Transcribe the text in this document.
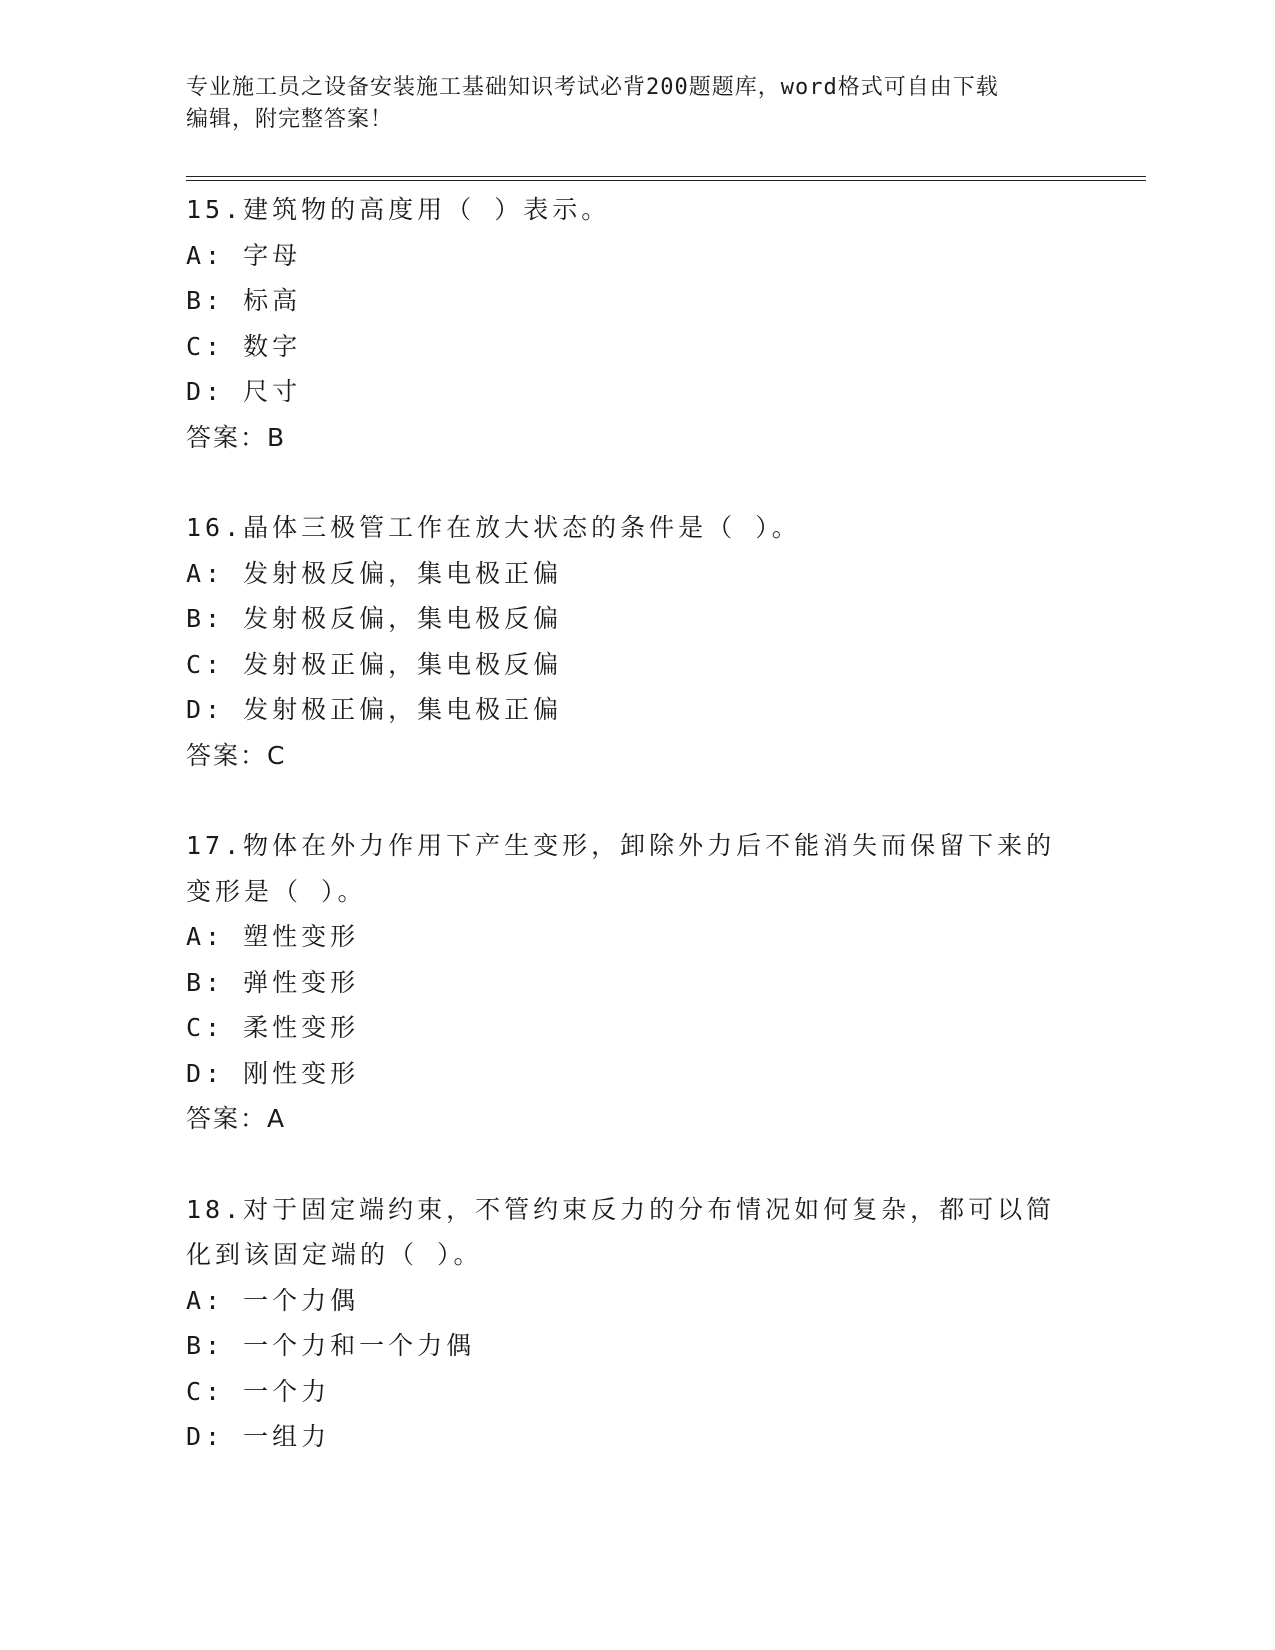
专业施工员之设备安装施工基础知识考试必背200题题库，word格式可自由下载
编辑，附完整答案！
15.建筑物的高度用（ ）表示。
A: 字母
B: 标高
C: 数字
D: 尺寸
答案：B
16.晶体三极管工作在放大状态的条件是（ ）。
A: 发射极反偏，集电极正偏
B: 发射极反偏，集电极反偏
C: 发射极正偏，集电极反偏
D: 发射极正偏，集电极正偏
答案：C
17.物体在外力作用下产生变形，卸除外力后不能消失而保留下来的变形是（ ）。
A: 塑性变形
B: 弹性变形
C: 柔性变形
D: 刚性变形
答案：A
18.对于固定端约束，不管约束反力的分布情况如何复杂，都可以简化到该固定端的（ ）。
A: 一个力偶
B: 一个力和一个力偶
C: 一个力
D: 一组力
